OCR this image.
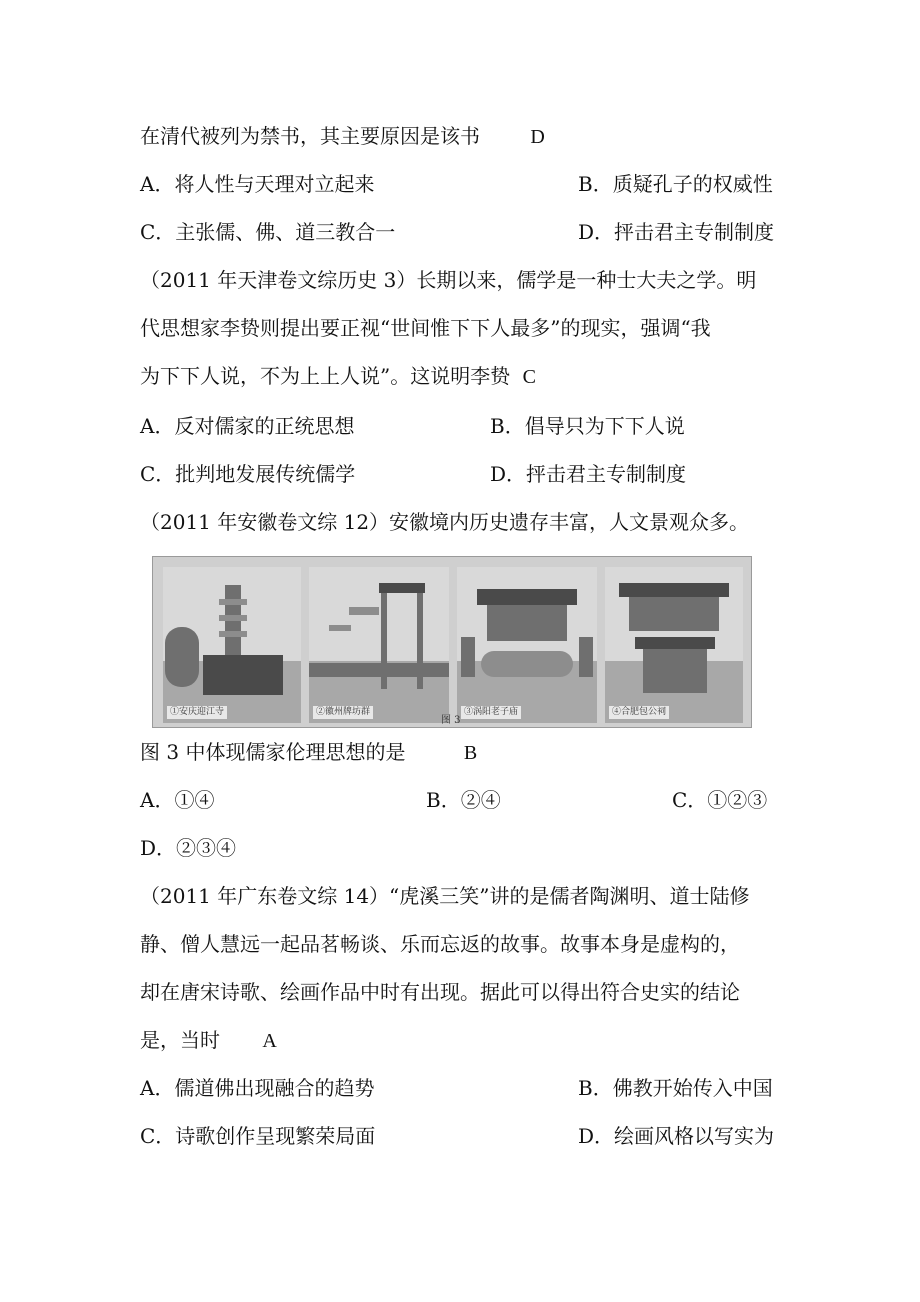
在清代被列为禁书，其主要原因是该书	D
A．将人性与天理对立起来	B．质疑孔子的权威性
C．主张儒、佛、道三教合一	D．抨击君主专制制度
（2011 年天津卷文综历史 3）长期以来，儒学是一种士大夫之学。明
代思想家李贽则提出要正视“世间惟下下人最多”的现实，强调“我
为下下人说，不为上上人说”。这说明李贽 C
A．反对儒家的正统思想	B．倡导只为下下人说
C．批判地发展传统儒学	D．抨击君主专制制度
（2011 年安徽卷文综 12）安徽境内历史遗存丰富，人文景观众多。
①安庆迎江寺	②徽州牌坊群	③涡阳老子庙	④合肥包公祠
图 3
图 3 中体现儒家伦理思想的是	B
A．①④	B．②④	C．①②③
D．②③④
（2011 年广东卷文综 14）“虎溪三笑”讲的是儒者陶渊明、道士陆修
静、僧人慧远一起品茗畅谈、乐而忘返的故事。故事本身是虚构的，
却在唐宋诗歌、绘画作品中时有出现。据此可以得出符合史实的结论
是，当时 A
A．儒道佛出现融合的趋势	B．佛教开始传入中国
C．诗歌创作呈现繁荣局面	D．绘画风格以写实为
